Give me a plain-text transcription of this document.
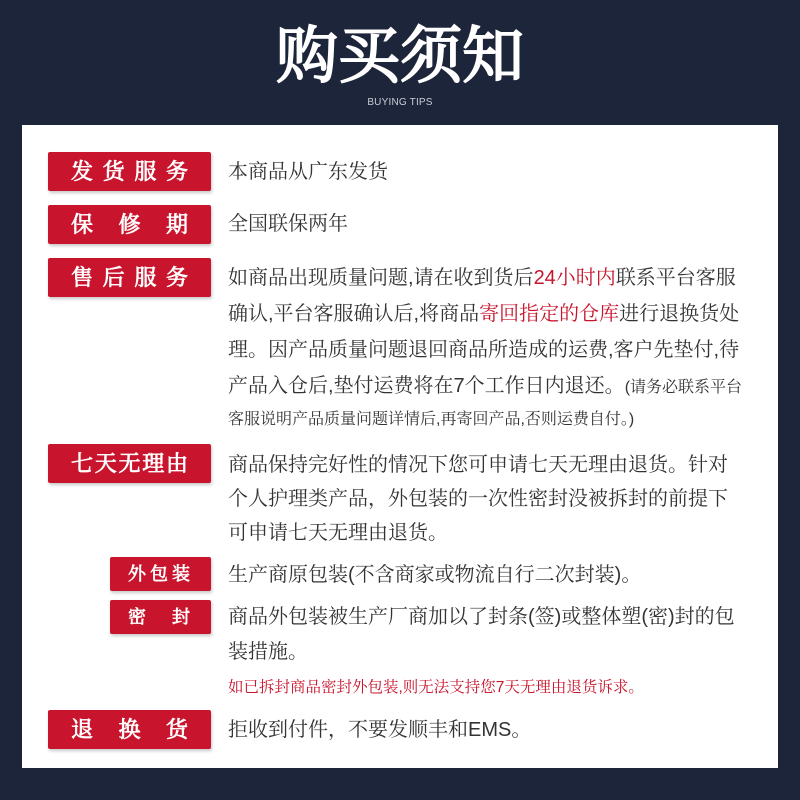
购买须知
BUYING TIPS
发货服务	本商品从广东发货
保修期	全国联保两年
售后服务	如商品出现质量问题,请在收到货后24小时内联系平台客服
确认,平台客服确认后,将商品寄回指定的仓库进行退换货处
理。因产品质量问题退回商品所造成的运费,客户先垫付,待
产品入仓后,垫付运费将在7个工作日内退还。(请务必联系平台
客服说明产品质量问题详情后,再寄回产品,否则运费自付。)
七天无理由	商品保持完好性的情况下您可申请七天无理由退货。针对
个人护理类产品，外包装的一次性密封没被拆封的前提下
可申请七天无理由退货。
外包装	生产商原包装(不含商家或物流自行二次封装)。
密封	商品外包装被生产厂商加以了封条(签)或整体塑(密)封的包
装措施。
如已拆封商品密封外包装,则无法支持您7天无理由退货诉求。
退换货	拒收到付件，不要发顺丰和EMS。
